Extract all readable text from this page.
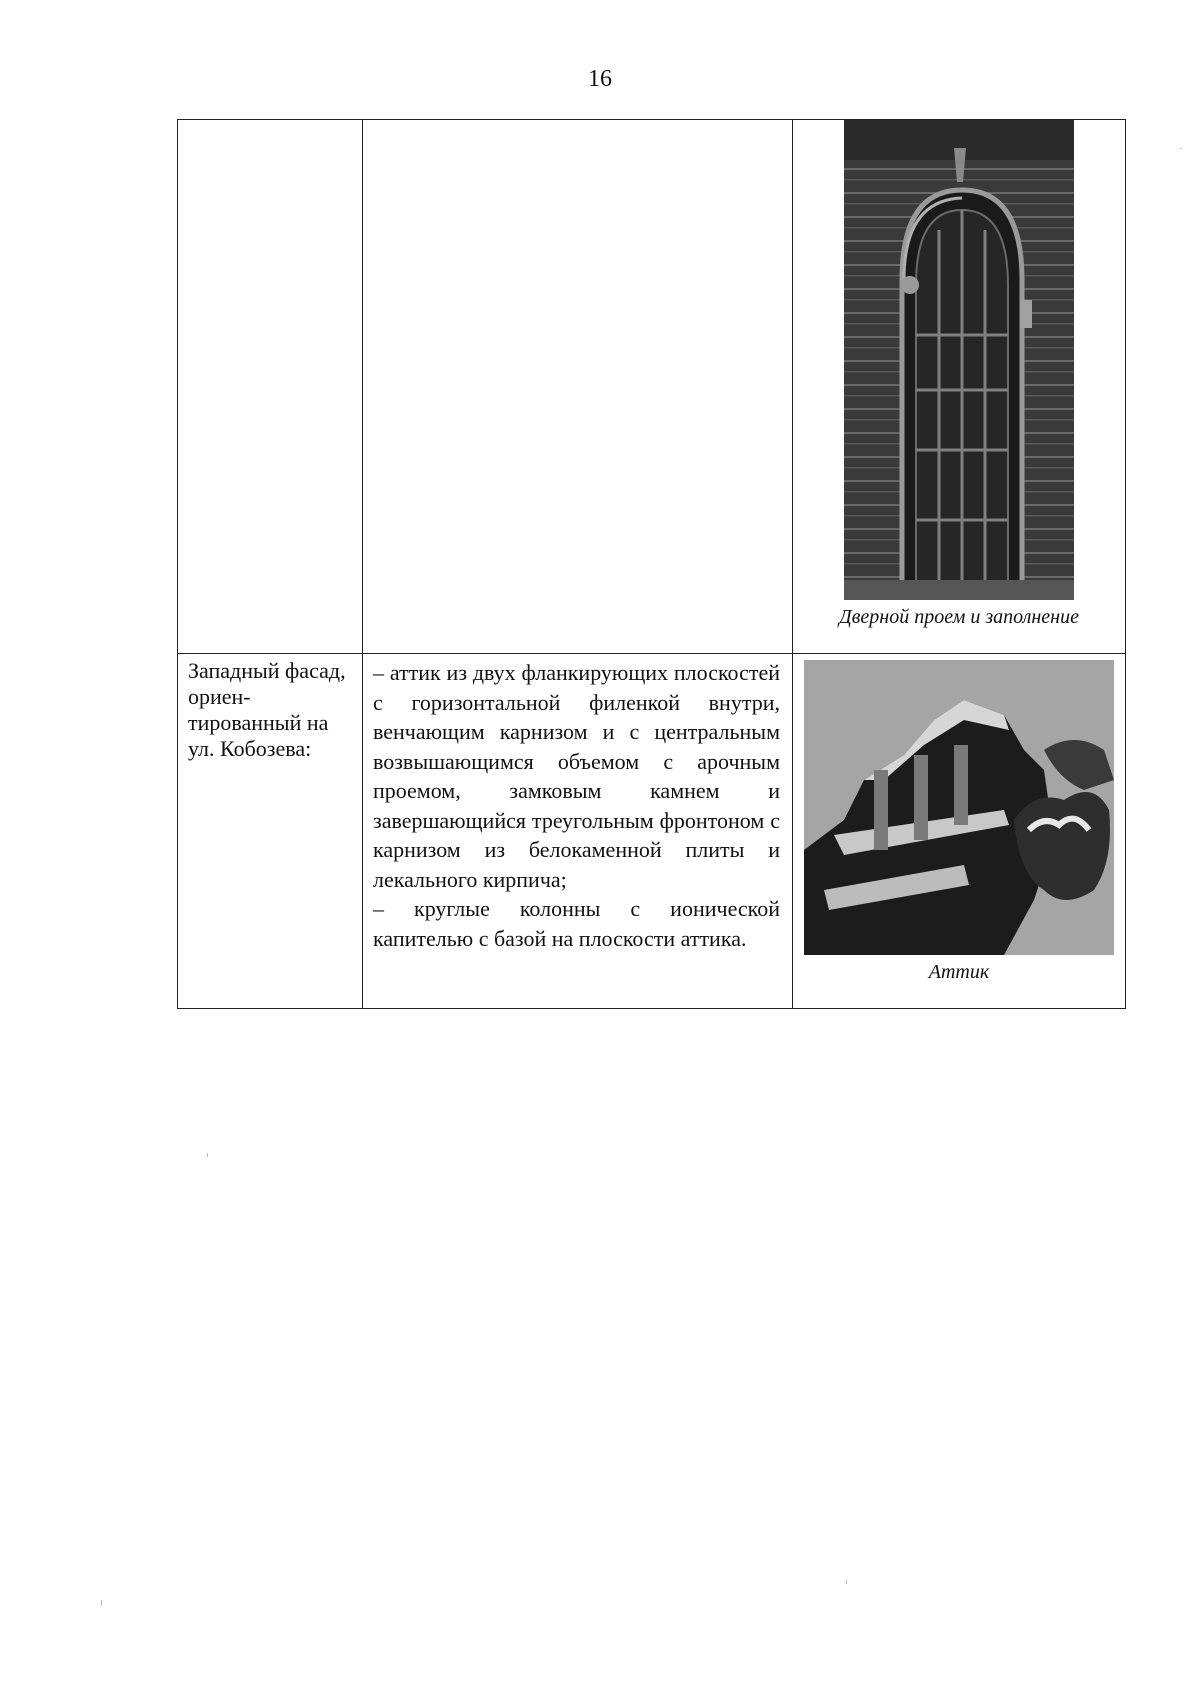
16

		Дверной проем и заполнение

Западный фасад, ориен-тированный на ул. Кобозева:	– аттик из двух фланкирующих плоскостей с горизонтальной филенкой внутри, венчающим карнизом и с центральным возвышающимся объемом с арочным проемом, замковым камнем и завершающийся треугольным фронтоном с карнизом из белокаменной плиты и лекального кирпича;

– круглые колонны с ионической капителью с базой на плоскости аттика.	Аттик
